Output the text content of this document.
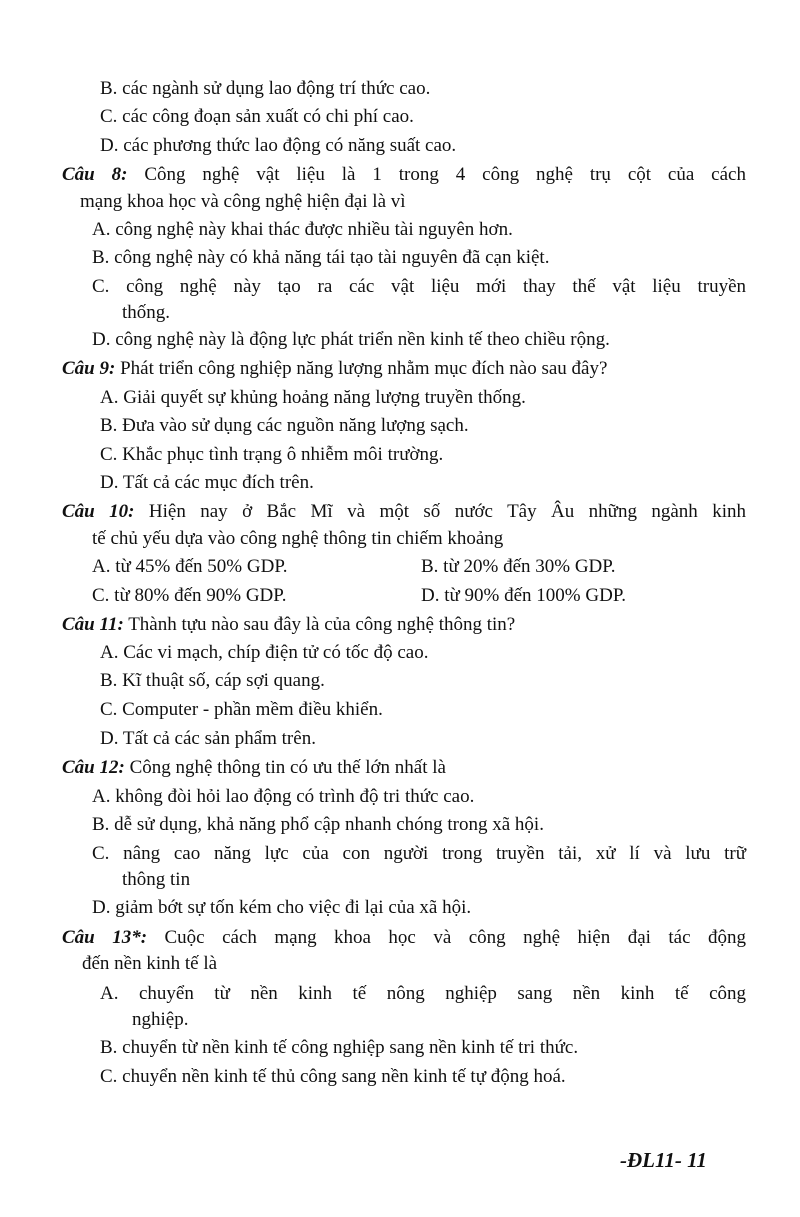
B. các ngành sử dụng lao động trí thức cao.
C. các công đoạn sản xuất có chi phí cao.
D. các phương thức lao động có năng suất cao.
Câu 8: Công nghệ vật liệu là 1 trong 4 công nghệ trụ cột của cách
mạng khoa học và công nghệ hiện đại là vì
A. công nghệ này khai thác được nhiều tài nguyên hơn.
B. công nghệ này có khả năng tái tạo tài nguyên đã cạn kiệt.
C. công nghệ này tạo ra các vật liệu mới thay thế vật liệu truyền
thống.
D. công nghệ này là động lực phát triển nền kinh tế theo chiều rộng.
Câu 9: Phát triển công nghiệp năng lượng nhằm mục đích nào sau đây?
A. Giải quyết sự khủng hoảng năng lượng truyền thống.
B. Đưa vào sử dụng các nguồn năng lượng sạch.
C. Khắc phục tình trạng ô nhiễm môi trường.
D. Tất cả các mục đích trên.
Câu 10: Hiện nay ở Bắc Mĩ và một số nước Tây Âu những ngành kinh
tế chủ yếu dựa vào công nghệ thông tin chiếm khoảng
A. từ 45% đến 50% GDP.	B. từ 20% đến 30% GDP.
C. từ 80% đến 90% GDP.	D. từ 90% đến 100% GDP.
Câu 11: Thành tựu nào sau đây là của công nghệ thông tin?
A. Các vi mạch, chíp điện tử có tốc độ cao.
B. Kĩ thuật số, cáp sợi quang.
C. Computer - phần mềm điều khiển.
D. Tất cả các sản phẩm trên.
Câu 12: Công nghệ thông tin có ưu thế lớn nhất là
A. không đòi hỏi lao động có trình độ tri thức cao.
B. dễ sử dụng, khả năng phổ cập nhanh chóng trong xã hội.
C. nâng cao năng lực của con người trong truyền tải, xử lí và lưu trữ
thông tin
D. giảm bớt sự tốn kém cho việc đi lại của xã hội.
Câu 13*: Cuộc cách mạng khoa học và công nghệ hiện đại tác động
đến nền kinh tế là
A. chuyển từ nền kinh tế nông nghiệp sang nền kinh tế công
nghiệp.
B. chuyển từ nền kinh tế công nghiệp sang nền kinh tế tri thức.
C. chuyển nền kinh tế thủ công sang nền kinh tế tự động hoá.
-ĐL11- 11
